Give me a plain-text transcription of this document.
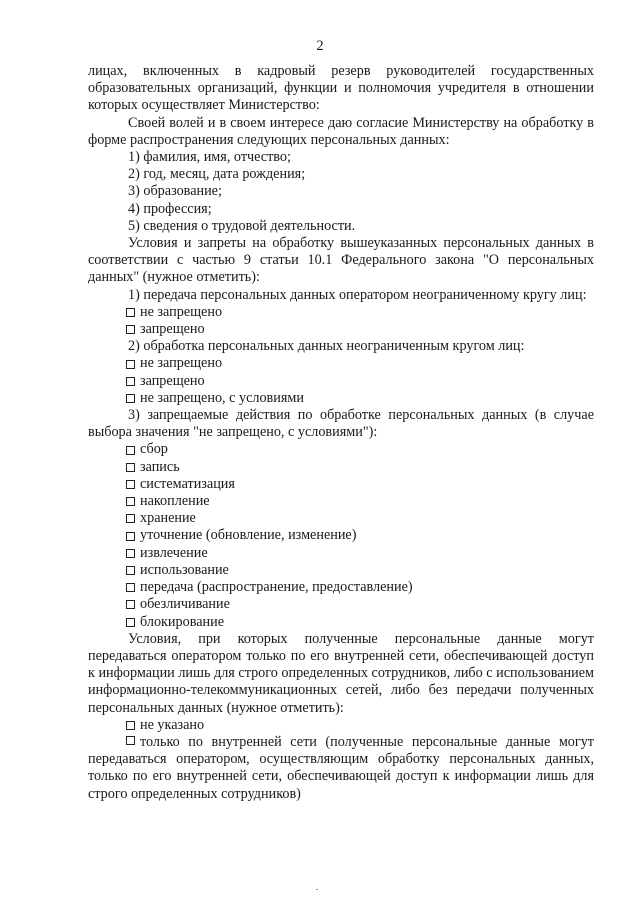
2

лицах, включенных в кадровый резерв руководителей государственных образовательных организаций, функции и полномочия учредителя в отношении которых осуществляет Министерство:

Своей волей и в своем интересе даю согласие Министерству на обработку в форме распространения следующих персональных данных:

1) фамилия, имя, отчество;

2) год, месяц, дата рождения;

3) образование;

4) профессия;

5) сведения о трудовой деятельности.

Условия и запреты на обработку вышеуказанных персональных данных в соответствии с частью 9 статьи 10.1 Федерального закона "О персональных данных" (нужное отметить):

1) передача персональных данных оператором неограниченному кругу лиц:

не запрещено
запрещено

2) обработка персональных данных неограниченным кругом лиц:

не запрещено
запрещено
не запрещено, с условиями

3) запрещаемые действия по обработке персональных данных (в случае выбора значения "не запрещено, с условиями"):

сбор
запись
систематизация
накопление
хранение
уточнение (обновление, изменение)
извлечение
использование
передача (распространение, предоставление)
обезличивание
блокирование

Условия, при которых полученные персональные данные могут передаваться оператором только по его внутренней сети, обеспечивающей доступ к информации лишь для строго определенных сотрудников, либо с использованием информационно-телекоммуникационных сетей, либо без передачи полученных персональных данных (нужное отметить):

не указано

только по внутренней сети (полученные персональные данные могут передаваться оператором, осуществляющим обработку персональных данных, только по его внутренней сети, обеспечивающей доступ к информации лишь для строго определенных сотрудников)
